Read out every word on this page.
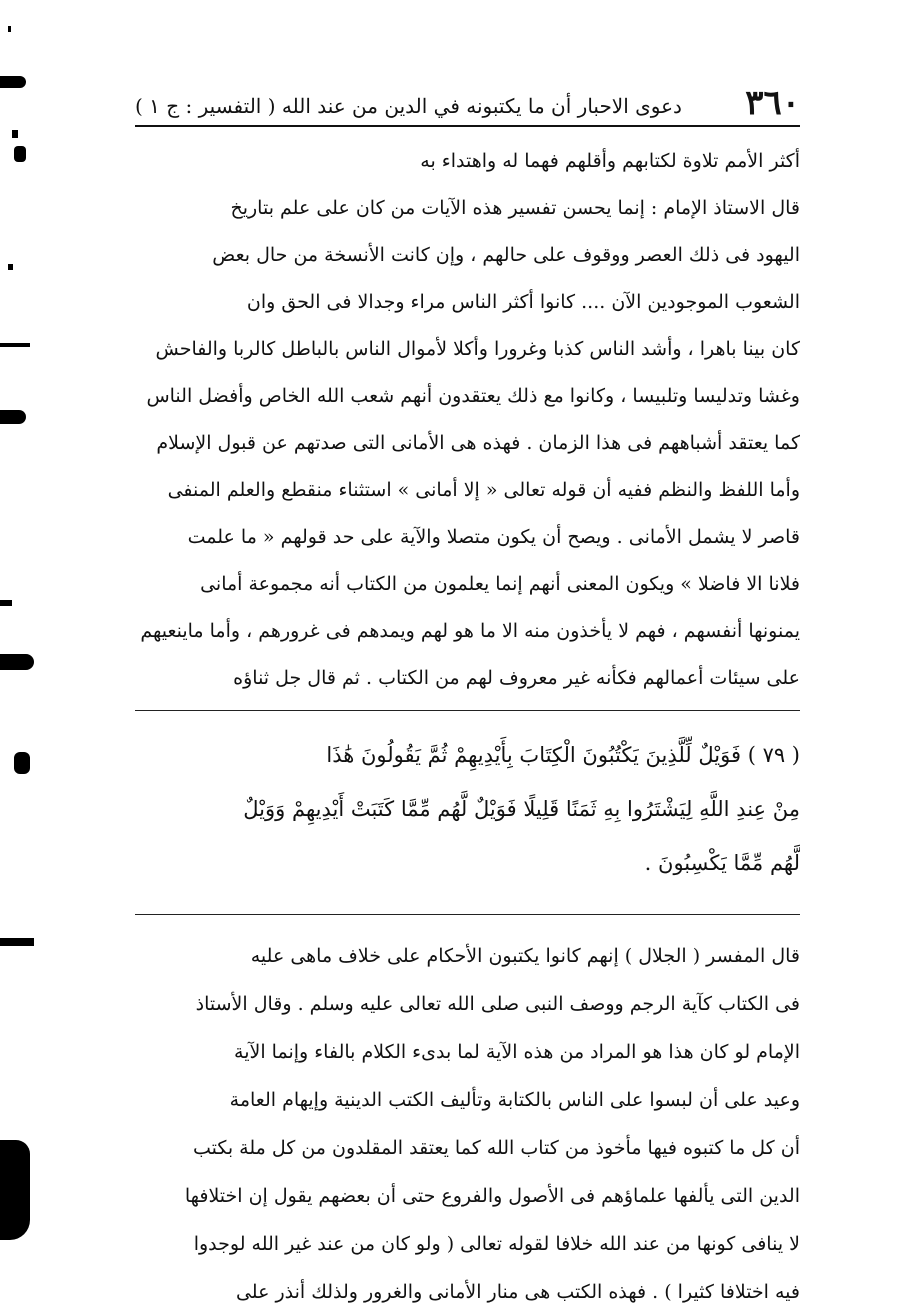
٣٦٠
دعوى الاحبار أن ما يكتبونه في الدين من عند الله ( التفسير : ج ١ )
أكثر الأمم تلاوة لكتابهم وأقلهم فهما له واهتداء به
قال الاستاذ الإمام : إنما يحسن تفسير هذه الآيات من كان على علم بتاريخ
اليهود فى ذلك العصر ووقوف على حالهم ، وإن كانت الأنسخة من حال بعض
الشعوب الموجودين الآن .... كانوا أكثر الناس مراء وجدالا فى الحق وان
كان بينا باهرا ، وأشد الناس كذبا وغرورا وأكلا لأموال الناس بالباطل كالربا والفاحش
وغشا وتدليسا وتلبيسا ، وكانوا مع ذلك يعتقدون أنهم شعب الله الخاص وأفضل الناس
كما يعتقد أشباههم فى هذا الزمان . فهذه هى الأمانى التى صدتهم عن قبول الإسلام
وأما اللفظ والنظم ففيه أن قوله تعالى « إلا أمانى » استثناء منقطع والعلم المنفى
قاصر لا يشمل الأمانى . ويصح أن يكون متصلا والآية على حد قولهم « ما علمت
فلانا الا فاضلا » ويكون المعنى أنهم إنما يعلمون من الكتاب أنه مجموعة أمانى
يمنونها أنفسهم ، فهم لا يأخذون منه الا ما هو لهم ويمدهم فى غرورهم ، وأما ماينعيهم
على سيئات أعمالهم فكأنه غير معروف لهم من الكتاب . ثم قال جل ثناؤه
( ٧٩ ) فَوَيْلٌ لِّلَّذِينَ يَكْتُبُونَ الْكِتَابَ بِأَيْدِيهِمْ ثُمَّ يَقُولُونَ هَٰذَا
مِنْ عِندِ اللَّهِ لِيَشْتَرُوا بِهِ ثَمَنًا قَلِيلًا فَوَيْلٌ لَّهُم مِّمَّا كَتَبَتْ أَيْدِيهِمْ وَوَيْلٌ
لَّهُم مِّمَّا يَكْسِبُونَ .
قال المفسر ( الجلال ) إنهم كانوا يكتبون الأحكام على خلاف ماهى عليه
فى الكتاب كآية الرجم ووصف النبى صلى الله تعالى عليه وسلم . وقال الأستاذ
الإمام لو كان هذا هو المراد من هذه الآية لما بدىء الكلام بالفاء وإنما الآية
وعيد على أن لبسوا على الناس بالكتابة وتأليف الكتب الدينية وإيهام العامة
أن كل ما كتبوه فيها مأخوذ من كتاب الله كما يعتقد المقلدون من كل ملة بكتب
الدين التى يألفها علماؤهم فى الأصول والفروع حتى أن بعضهم يقول إن اختلافها
لا ينافى كونها من عند الله خلافا لقوله تعالى ( ولو كان من عند غير الله لوجدوا
فيه اختلافا كثيرا ) . فهذه الكتب هى منار الأمانى والغرور ولذلك أنذر على
